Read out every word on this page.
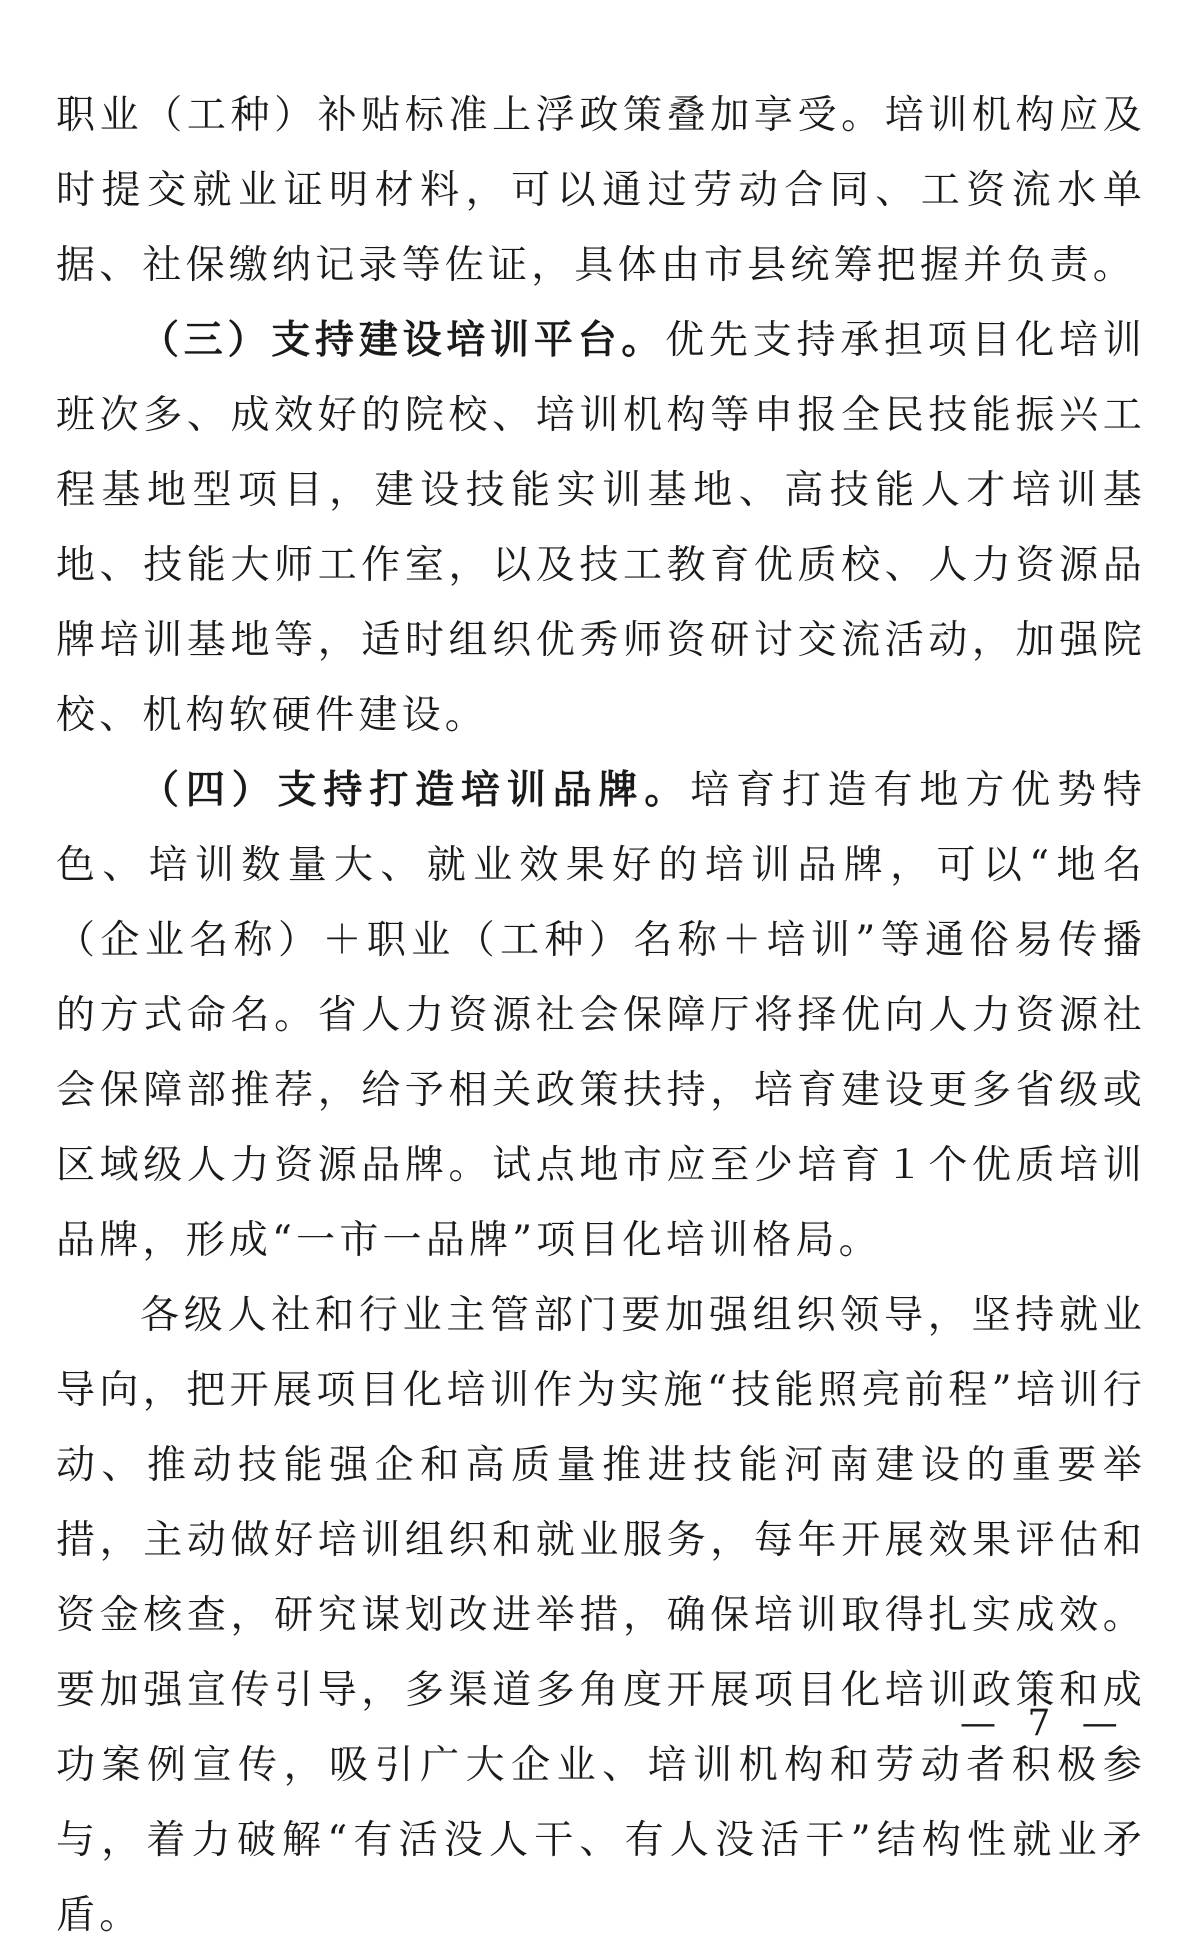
职业（工种）补贴标准上浮政策叠加享受。培训机构应及时提交就业证明材料，可以通过劳动合同、工资流水单据、社保缴纳记录等佐证，具体由市县统筹把握并负责。

（三）支持建设培训平台。优先支持承担项目化培训班次多、成效好的院校、培训机构等申报全民技能振兴工程基地型项目，建设技能实训基地、高技能人才培训基地、技能大师工作室，以及技工教育优质校、人力资源品牌培训基地等，适时组织优秀师资研讨交流活动，加强院校、机构软硬件建设。

（四）支持打造培训品牌。培育打造有地方优势特色、培训数量大、就业效果好的培训品牌，可以“地名（企业名称）＋职业（工种）名称＋培训”等通俗易传播的方式命名。省人力资源社会保障厅将择优向人力资源社会保障部推荐，给予相关政策扶持，培育建设更多省级或区域级人力资源品牌。试点地市应至少培育１个优质培训品牌，形成“一市一品牌”项目化培训格局。

各级人社和行业主管部门要加强组织领导，坚持就业导向，把开展项目化培训作为实施“技能照亮前程”培训行动、推动技能强企和高质量推进技能河南建设的重要举措，主动做好培训组织和就业服务，每年开展效果评估和资金核查，研究谋划改进举措，确保培训取得扎实成效。要加强宣传引导，多渠道多角度开展项目化培训政策和成功案例宣传，吸引广大企业、培训机构和劳动者积极参与，着力破解“有活没人干、有人没活干”结构性就业矛盾。

— 7 —
